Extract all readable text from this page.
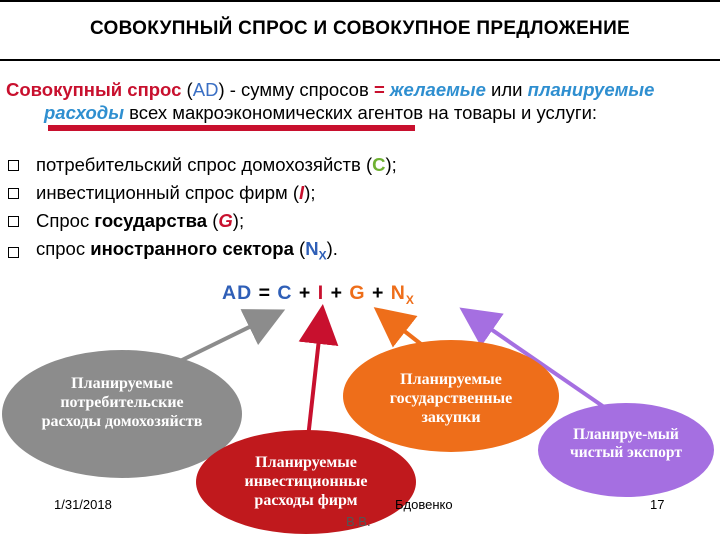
СОВОКУПНЫЙ СПРОС И СОВОКУПНОЕ ПРЕДЛОЖЕНИЕ
Совокупный спрос (AD) - сумму спросов = желаемые или планируемые расходы всех макроэкономических агентов на товары и услуги:
потребительский спрос домохозяйств (C);
инвестиционный спрос фирм (I);
Спрос государства (G);
спрос иностранного сектора $(N_X)$.
AD = $C + I + G + N_X$
Планируемые потребительские расходы домохозяйств
Планируемые государственные закупки
Планируемые инвестиционные расходы фирм
Планируе-мый чистый экспорт
1/31/2018	Бдовенко
В.В.
17
